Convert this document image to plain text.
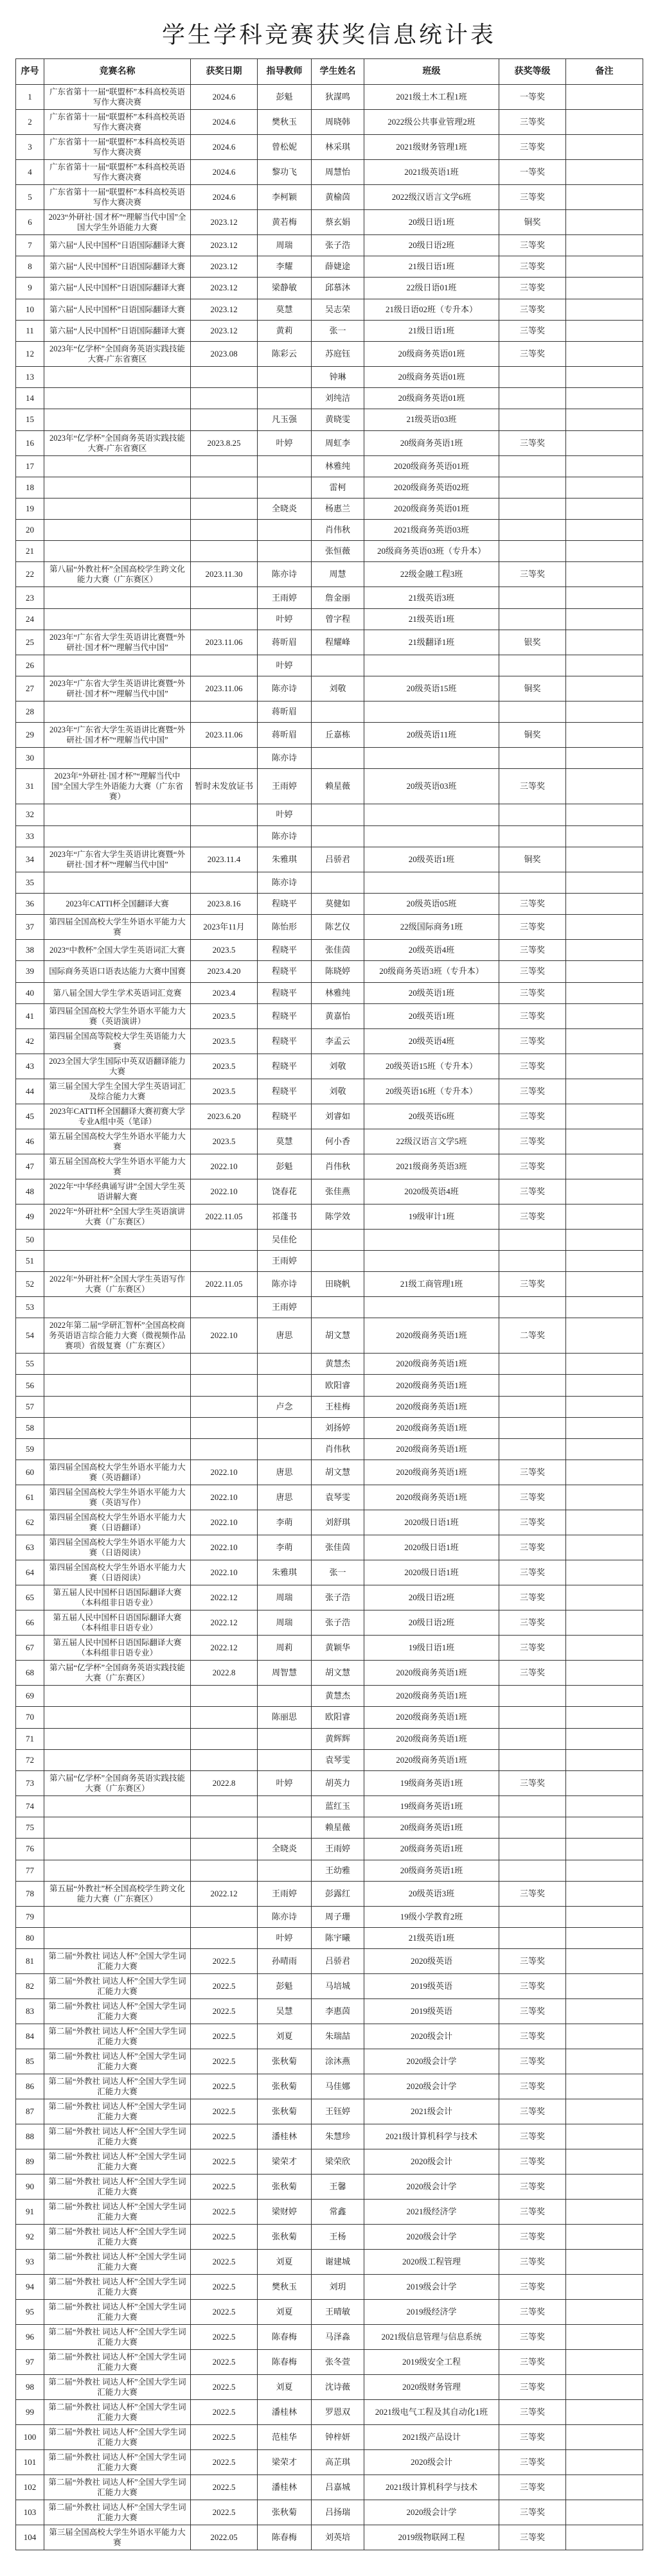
学生学科竞赛获奖信息统计表
序号	竞赛名称	获奖日期	指导教师	学生姓名	班级	获奖等级	备注
1	广东省第十一届“联盟杯”本科高校英语写作大赛决赛	2024.6	彭魁	狄謀鸣	2021级土木工程1班	一等奖	
2	广东省第十一届“联盟杯”本科高校英语写作大赛决赛	2024.6	樊秋玉	周晓韩	2022级公共事业管理2班	三等奖	
3	广东省第十一届“联盟杯”本科高校英语写作大赛决赛	2024.6	曾松妮	林采琪	2021级财务管理1班	三等奖	
4	广东省第十一届“联盟杯”本科高校英语写作大赛决赛	2024.6	黎功飞	周慧怡	2021级英语1班	一等奖	
5	广东省第十一届“联盟杯”本科高校英语写作大赛决赛	2024.6	李柯颖	黄榆茵	2022级汉语言文学6班	三等奖	
6	2023“外研社·国才杯”“理解当代中国”全国大学生外语能力大赛	2023.12	黄若梅	蔡玄娟	20级日语1班	铜奖	
7	第六届“人民中国杯”日语国际翻译大赛	2023.12	周瑞	张子浩	20级日语2班	三等奖	
8	第六届“人民中国杯”日语国际翻译大赛	2023.12	李耀	薛婕途	21级日语1班	三等奖	
9	第六届“人民中国杯”日语国际翻译大赛	2023.12	梁静敏	邱慕沐	22级日语01班	三等奖	
10	第六届“人民中国杯”日语国际翻译大赛	2023.12	莫慧	吴志荣	21级日语02班（专升本）	三等奖	
11	第六届“人民中国杯”日语国际翻译大赛	2023.12	黄莉	张一	21级日语1班	三等奖	
12	2023年“亿学杯”全国商务英语实践技能大赛-广东省赛区	2023.08	陈彩云	苏庭钰	20级商务英语01班	三等奖	
13				钟琳	20级商务英语01班		
14				刘纯洁	20级商务英语01班		
15			凡玉强	黄晓雯	21级英语03班		
16	2023年“亿学杯”全国商务英语实践技能大赛-广东省赛区	2023.8.25	叶婷	周虹李	20级商务英语1班	三等奖	
17				林雅纯	2020级商务英语01班		
18				雷柯	2020级商务英语02班		
19			全晓炎	杨惠兰	2020级商务英语01班		
20				肖伟秋	2021级商务英语03班		
21				张恒薇	20级商务英语03班（专升本）		
22	第八届“外教社杯”全国高校学生跨文化能力大赛（广东赛区）	2023.11.30	陈亦诗	周慧	22级金融工程3班	三等奖	
23			王雨婷	詹金丽	21级英语3班		
24			叶婷	曾字程	21级英语1班		
25	2023年“广东省大学生英语讲比赛暨“外研社·国才杯”“理解当代中国”	2023.11.06	蒋昕眉	程耀峰	21级翻译1班	银奖	
26			叶婷				
27	2023年“广东省大学生英语讲比赛暨“外研社·国才杯”“理解当代中国”	2023.11.06	陈亦诗	刘敬	20级英语15班	铜奖	
28			蒋昕眉				
29	2023年“广东省大学生英语讲比赛暨“外研社·国才杯”“理解当代中国”	2023.11.06	蒋昕眉	丘嘉栋	20级英语11班	铜奖	
30			陈亦诗				
31	2023年“外研社·国才杯”“理解当代中国”全国大学生外语能力大赛（广东省赛）	暂时未发放证书	王雨婷	赖星薇	20级英语03班	三等奖	
32			叶婷				
33			陈亦诗				
34	2023年“广东省大学生英语讲比赛暨“外研社·国才杯”“理解当代中国”	2023.11.4	朱雅琪	吕骄君	20级英语1班	铜奖	
35			陈亦诗				
36	2023年CATTI杯全国翻译大赛	2023.8.16	程晓平	莫健如	20级英语05班	三等奖	
37	第四届全国高校大学生外语水平能力大赛	2023年11月	陈怡形	陈艺仪	22级国际商务1班	三等奖	
38	2023“中教杯”全国大学生英语词汇大赛	2023.5	程晓平	张佳茵	20级英语4班	三等奖	
39	国际商务英语口语表达能力大赛中国赛	2023.4.20	程晓平	陈晓婷	20级商务英语3班（专升本）	三等奖	
40	第八届全国大学生学术英语词汇竞赛	2023.4	程晓平	林雅纯	20级英语1班	三等奖	
41	第四届全国高校大学生外语水平能力大赛（英语演讲）	2023.5	程晓平	黄嘉怡	20级英语1班	三等奖	
42	第四届全国高等院校大学生英语能力大赛	2023.5	程晓平	李孟云	20级英语4班	三等奖	
43	2023全国大学生国际中英双语翻译能力大赛	2023.5	程晓平	刘敬	20级英语15班（专升本）	三等奖	
44	第三届全国大学生全国大学生英语词汇及综合能力大赛	2023.5	程晓平	刘敬	20级英语16班（专升本）	三等奖	
45	2023年CATTI杯全国翻译大赛初赛大学专业A组中英（笔译）	2023.6.20	程晓平	刘睿如	20级英语6班	三等奖	
46	第五届全国高校大学生外语水平能力大赛	2023.5	莫慧	何小香	22级汉语言文学5班	三等奖	
47	第五届全国高校大学生外语水平能力大赛	2022.10	彭魁	肖伟秋	2021级商务英语3班	三等奖	
48	2022年“中华经典诵写讲”全国大学生英语讲解大赛	2022.10	饶春花	张佳燕	2020级英语4班	三等奖	
49	2022年“外研社杯”全国大学生英语演讲大赛（广东赛区）	2022.11.05	祁蓬书	陈学效	19级审计1班	三等奖	
50			吴佳伦				
51			王雨婷				
52	2022年“外研社杯”全国大学生英语写作大赛（广东赛区）	2022.11.05	陈亦诗	田晓帆	21级工商管理1班	三等奖	
53			王雨婷				
54	2022年第二届“学研汇智杯”全国高校商务英语语言综合能力大赛（微视频作品赛项）省级复赛（广东赛区）	2022.10	唐思	胡文慧	2020级商务英语1班	二等奖	
55				黄慧杰	2020级商务英语1班		
56				欧阳睿	2020级商务英语1班		
57			卢念	王桂梅	2020级商务英语1班		
58				刘扬婷	2020级商务英语1班		
59				肖伟秋	2020级商务英语1班		
60	第四届全国高校大学生外语水平能力大赛（英语翻译）	2022.10	唐思	胡文慧	2020级商务英语1班	三等奖	
61	第四届全国高校大学生外语水平能力大赛（英语写作）	2022.10	唐思	袁琴雯	2020级商务英语1班	三等奖	
62	第四届全国高校大学生外语水平能力大赛（日语翻译）	2022.10	李萌	刘舒琪	2020级日语1班	三等奖	
63	第四届全国高校大学生外语水平能力大赛（日语阅读）	2022.10	李萌	张佳茵	2020级日语1班	三等奖	
64	第四届全国高校大学生外语水平能力大赛（日语阅读）	2022.10	朱雅琪	张一	2020级日语1班	三等奖	
65	第五届人民中国杯日语国际翻译大赛（本科组非日语专业）	2022.12	周瑞	张子浩	20级日语2班	三等奖	
66	第五届人民中国杯日语国际翻译大赛（本科组非日语专业）	2022.12	周瑞	张子浩	20级日语2班	三等奖	
67	第五届人民中国杯日语国际翻译大赛（本科组非日语专业）	2022.12	周莉	黄颖华	19级日语1班	三等奖	
68	第六届“亿学杯”全国商务英语实践技能大赛（广东赛区）	2022.8	周智慧	胡文慧	2020级商务英语1班	三等奖	
69				黄慧杰	2020级商务英语1班		
70			陈丽思	欧阳睿	2020级商务英语1班		
71				黄辉辉	2020级商务英语1班		
72				袁琴雯	2020级商务英语1班		
73	第六届“亿学杯”全国商务英语实践技能大赛（广东赛区）	2022.8	叶婷	胡英力	19级商务英语1班	三等奖	
74				蓝红玉	19级商务英语1班		
75				赖星薇	20级商务英语1班		
76			全晓炎	王雨婷	20级商务英语1班		
77				王幼雅	20级商务英语1班		
78	第五届“外教社”杯全国高校学生跨文化能力大赛（广东赛区）	2022.12	王雨婷	彭露红	20级英语3班	三等奖	
79			陈亦诗	周子珊	19级小学教育2班		
80			叶婷	陈宇曦	21级英语1班		
81	第二届“外教社 词达人杯”全国大学生词汇能力大赛	2022.5	孙晴雨	吕骄君	2020级英语	三等奖	
82	第二届“外教社 词达人杯”全国大学生词汇能力大赛	2022.5	彭魁	马培城	2019级英语	三等奖	
83	第二届“外教社 词达人杯”全国大学生词汇能力大赛	2022.5	吴慧	李惠茵	2019级英语	三等奖	
84	第二届“外教社 词达人杯”全国大学生词汇能力大赛	2022.5	刘夏	朱瑞喆	2020级会计	三等奖	
85	第二届“外教社 词达人杯”全国大学生词汇能力大赛	2022.5	张秋菊	涂沐燕	2020级会计学	三等奖	
86	第二届“外教社 词达人杯”全国大学生词汇能力大赛	2022.5	张秋菊	马佳娜	2020级会计学	三等奖	
87	第二届“外教社 词达人杯”全国大学生词汇能力大赛	2022.5	张秋菊	王钰婷	2021级会计	三等奖	
88	第二届“外教社 词达人杯”全国大学生词汇能力大赛	2022.5	潘桂林	朱慧珍	2021级计算机科学与技术	三等奖	
89	第二届“外教社 词达人杯”全国大学生词汇能力大赛	2022.5	梁荣才	梁荣欣	2020级会计	三等奖	
90	第二届“外教社 词达人杯”全国大学生词汇能力大赛	2022.5	张秋菊	王馨	2020级会计学	三等奖	
91	第二届“外教社 词达人杯”全国大学生词汇能力大赛	2022.5	梁财婷	常鑫	2021级经济学	三等奖	
92	第二届“外教社 词达人杯”全国大学生词汇能力大赛	2022.5	张秋菊	王杨	2020级会计学	三等奖	
93	第二届“外教社 词达人杯”全国大学生词汇能力大赛	2022.5	刘夏	谢建城	2020级工程管理	三等奖	
94	第二届“外教社 词达人杯”全国大学生词汇能力大赛	2022.5	樊秋玉	刘玥	2019级会计学	三等奖	
95	第二届“外教社 词达人杯”全国大学生词汇能力大赛	2022.5	刘夏	王晴敏	2019级经济学	三等奖	
96	第二届“外教社 词达人杯”全国大学生词汇能力大赛	2022.5	陈春梅	马泽淼	2021级信息管理与信息系统	三等奖	
97	第二届“外教社 词达人杯”全国大学生词汇能力大赛	2022.5	陈春梅	张冬萱	2019级安全工程	三等奖	
98	第二届“外教社 词达人杯”全国大学生词汇能力大赛	2022.5	刘夏	沈诗薇	2020级财务管理	三等奖	
99	第二届“外教社 词达人杯”全国大学生词汇能力大赛	2022.5	潘桂林	罗恩双	2021级电气工程及其自动化1班	三等奖	
100	第二届“外教社 词达人杯”全国大学生词汇能力大赛	2022.5	范桂华	钟梓妍	2021级产品设计	三等奖	
101	第二届“外教社 词达人杯”全国大学生词汇能力大赛	2022.5	梁荣才	高芷琪	2020级会计	三等奖	
102	第二届“外教社 词达人杯”全国大学生词汇能力大赛	2022.5	潘桂林	吕嘉城	2021级计算机科学与技术	三等奖	
103	第二届“外教社 词达人杯”全国大学生词汇能力大赛	2022.5	张秋菊	吕扬瑞	2020级会计学	三等奖	
104	第三届全国高校大学生外语水平能力大赛	2022.05	陈春梅	刘英培	2019级物联网工程	三等奖	
